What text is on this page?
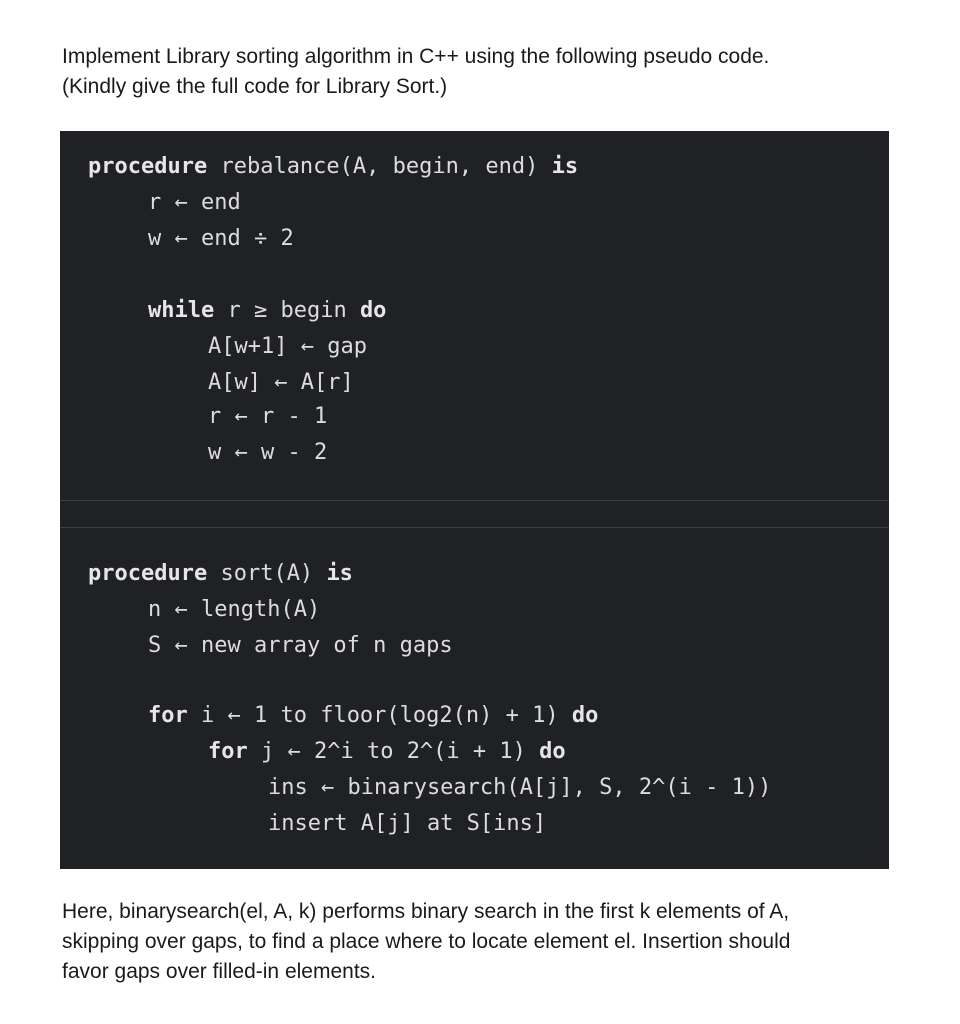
Implement Library sorting algorithm in C++ using the following pseudo code.

(Kindly give the full code for Library Sort.)

procedure rebalance(A, begin, end) is
r ← end
w ← end ÷ 2
while r ≥ begin do
A[w+1] ← gap
A[w] ← A[r]
r ← r - 1
w ← w - 2
procedure sort(A) is
n ← length(A)
S ← new array of n gaps
for i ← 1 to floor(log2(n) + 1) do
for j ← 2^i to 2^(i + 1) do
ins ← binarysearch(A[j], S, 2^(i - 1))
insert A[j] at S[ins]

Here, binarysearch(el, A, k) performs binary search in the first k elements of A,

skipping over gaps, to find a place where to locate element el. Insertion should

favor gaps over filled-in elements.
